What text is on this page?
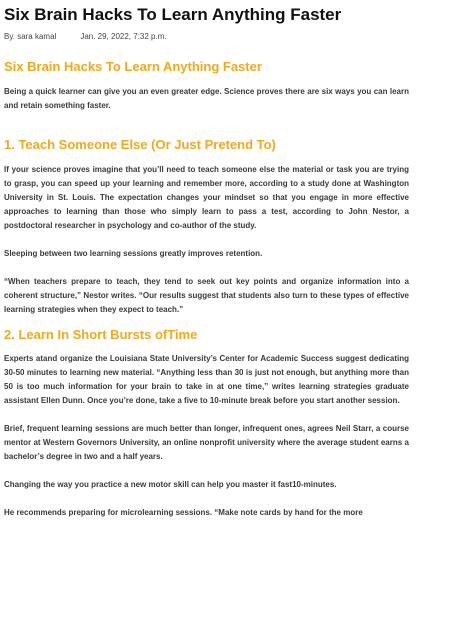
Six Brain Hacks To Learn Anything Faster
By. sara kamal	Jan. 29, 2022, 7:32 p.m.
Six Brain Hacks To Learn Anything Faster

Being a quick learner can give you an even greater edge. Science proves there are six ways you can learn and retain something faster.

1. Teach Someone Else (Or Just Pretend To)

If your science proves imagine that you’ll need to teach someone else the material or task you are trying to grasp, you can speed up your learning and remember more, according to a study done at Washington University in St. Louis. The expectation changes your mindset so that you engage in more effective approaches to learning than those who simply learn to pass a test, according to John Nestor, a postdoctoral researcher in psychology and co-author of the study.

Sleeping between two learning sessions greatly improves retention.

“When teachers prepare to teach, they tend to seek out key points and organize information into a coherent structure,” Nestor writes. “Our results suggest that students also turn to these types of effective learning strategies when they expect to teach.”

2. Learn In Short Bursts ofTime

Experts atand organize the Louisiana State University’s Center for Academic Success suggest dedicating 30-50 minutes to learning new material. “Anything less than 30 is just not enough, but anything more than 50 is too much information for your brain to take in at one time,” writes learning strategies graduate assistant Ellen Dunn. Once you’re done, take a five to 10-minute break before you start another session.

Brief, frequent learning sessions are much better than longer, infrequent ones, agrees Neil Starr, a course mentor at Western Governors University, an online nonprofit university where the average student earns a bachelor’s degree in two and a half years.

Changing the way you practice a new motor skill can help you master it fast10-minutes.

He recommends preparing for microlearning sessions. “Make note cards by hand for the more
